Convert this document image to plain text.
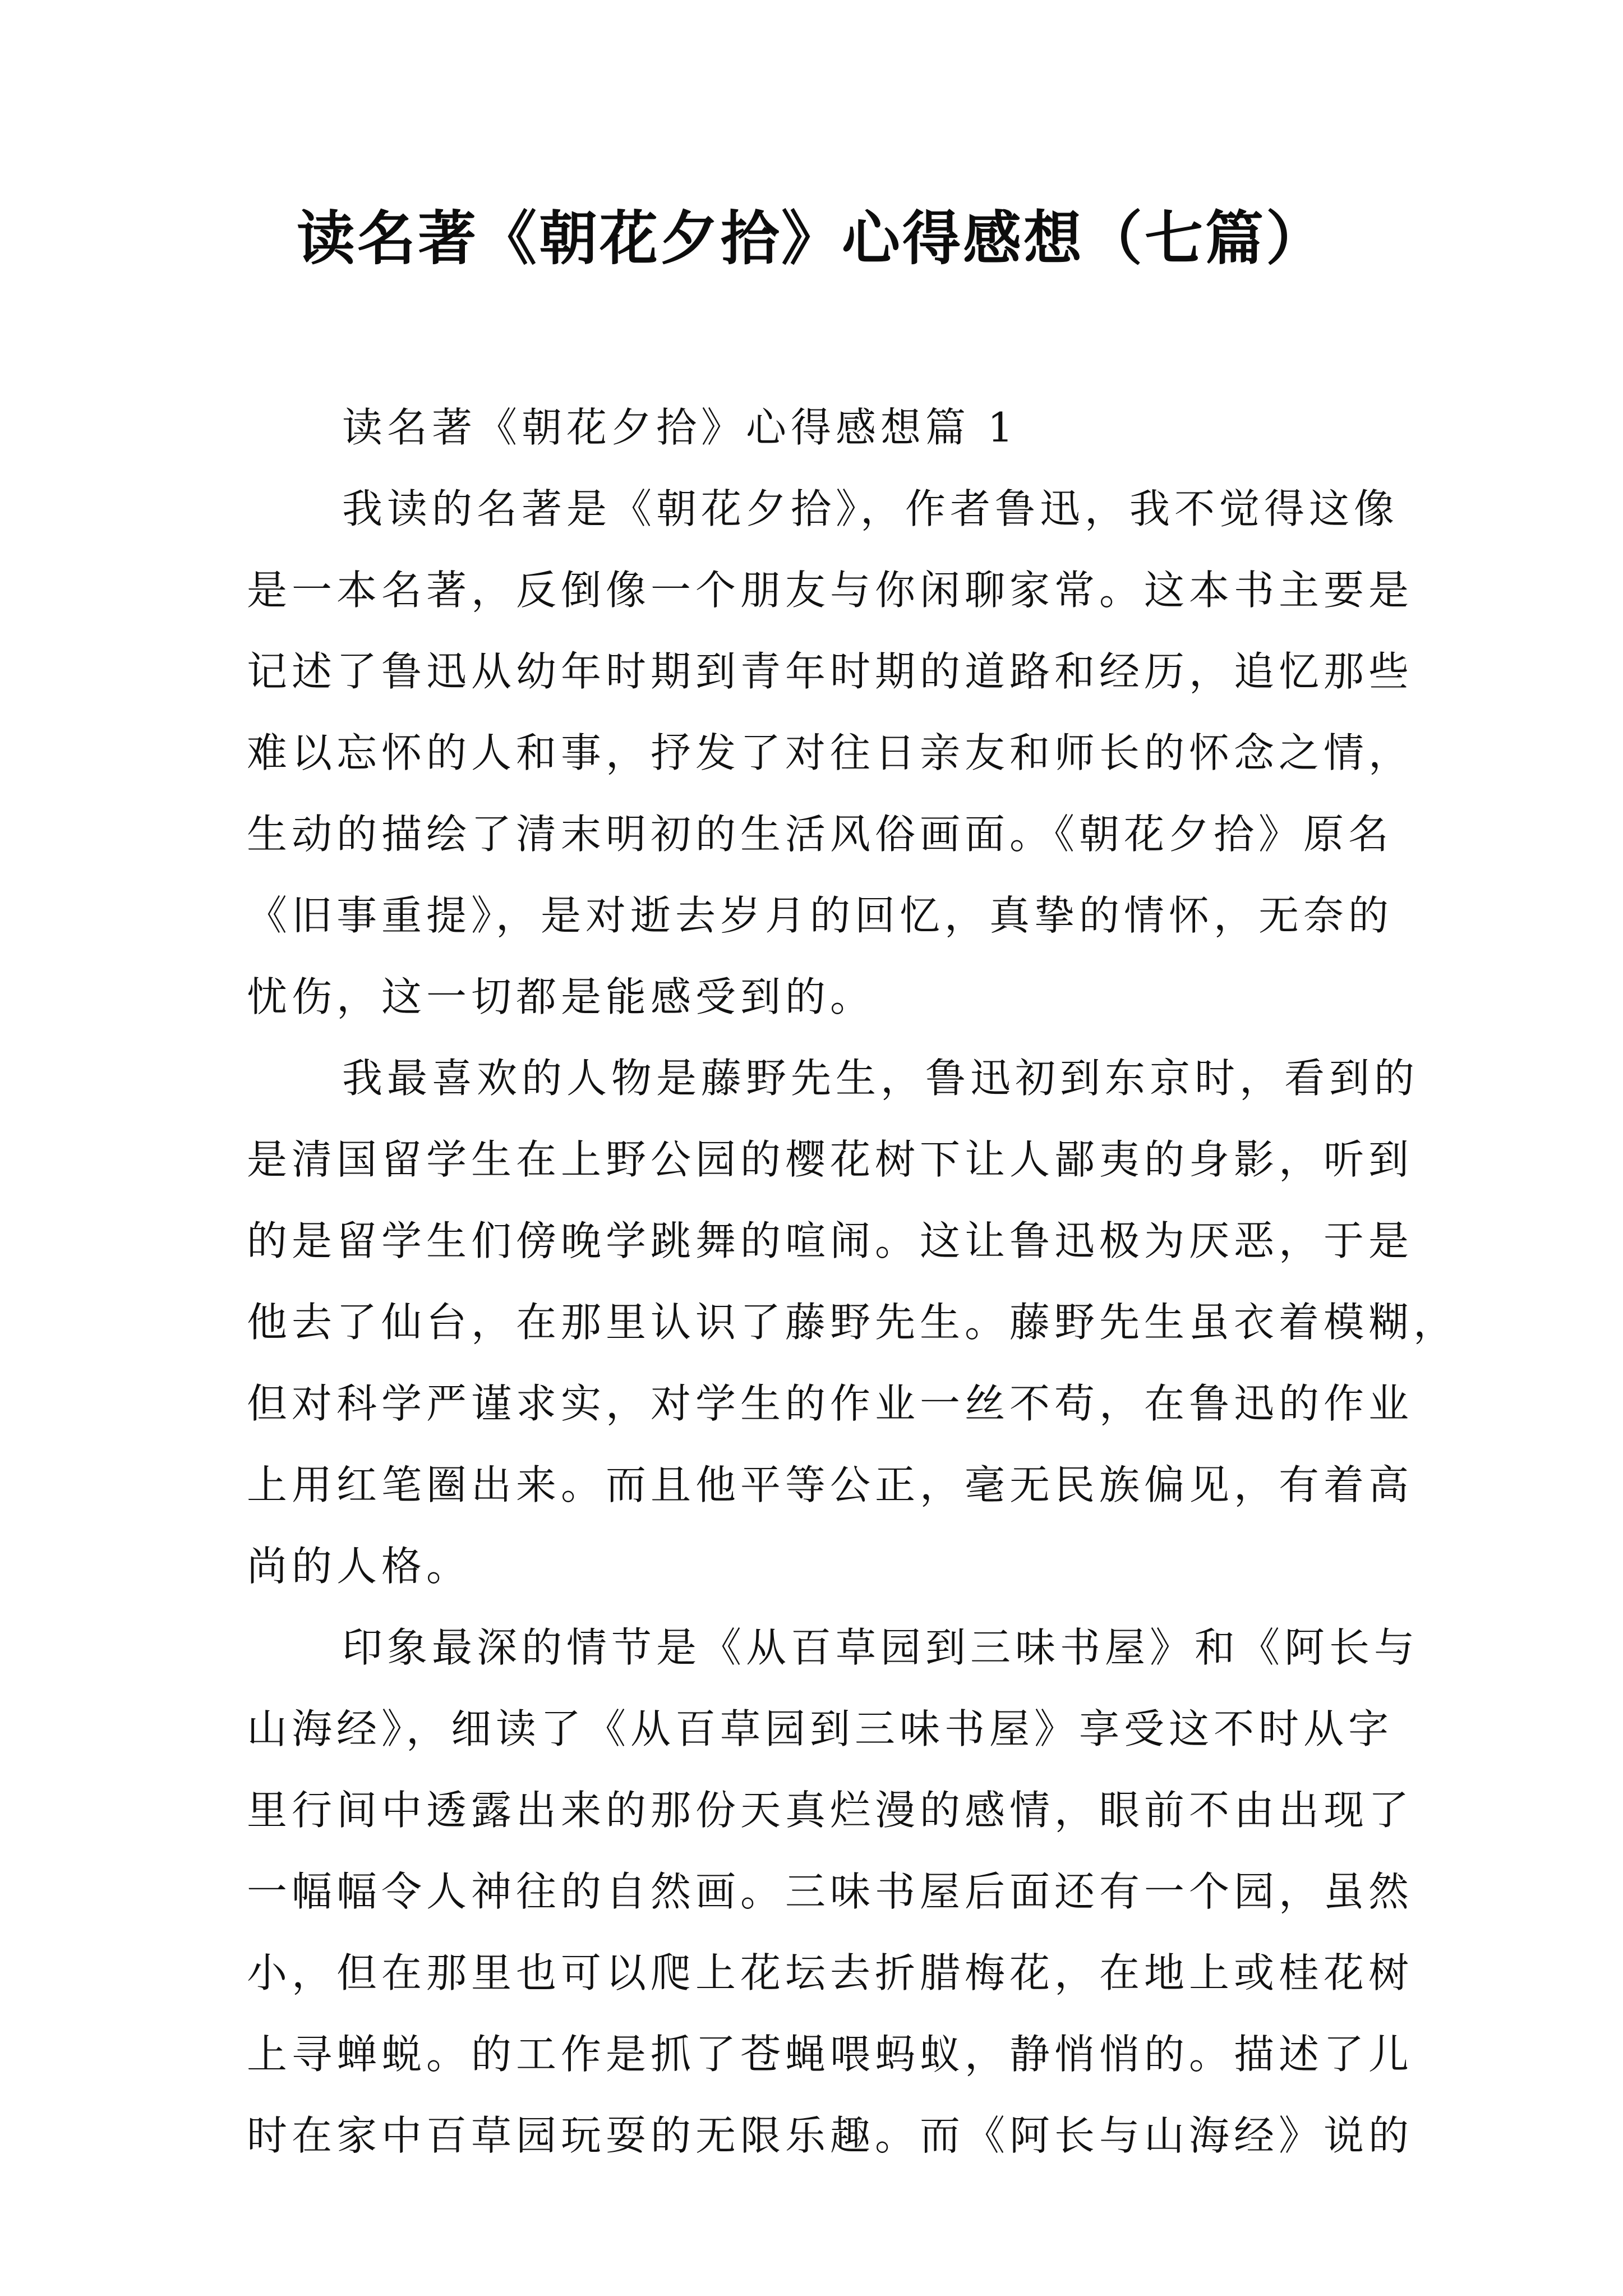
读名著《朝花夕拾》心得感想（七篇）
读名著《朝花夕拾》心得感想篇 1

我读的名著是《朝花夕拾》，作者鲁迅，我不觉得这像
是一本名著，反倒像一个朋友与你闲聊家常。这本书主要是
记述了鲁迅从幼年时期到青年时期的道路和经历，追忆那些
难以忘怀的人和事，抒发了对往日亲友和师长的怀念之情，
生动的描绘了清末明初的生活风俗画面。《朝花夕拾》原名
《旧事重提》，是对逝去岁月的回忆，真挚的情怀，无奈的
忧伤，这一切都是能感受到的。

我最喜欢的人物是藤野先生，鲁迅初到东京时，看到的
是清国留学生在上野公园的樱花树下让人鄙夷的身影，听到
的是留学生们傍晚学跳舞的喧闹。这让鲁迅极为厌恶，于是
他去了仙台，在那里认识了藤野先生。藤野先生虽衣着模糊，
但对科学严谨求实，对学生的作业一丝不苟，在鲁迅的作业
上用红笔圈出来。而且他平等公正，毫无民族偏见，有着高
尚的人格。

印象最深的情节是《从百草园到三味书屋》和《阿长与
山海经》，细读了《从百草园到三味书屋》享受这不时从字
里行间中透露出来的那份天真烂漫的感情，眼前不由出现了
一幅幅令人神往的自然画。三味书屋后面还有一个园，虽然
小，但在那里也可以爬上花坛去折腊梅花，在地上或桂花树
上寻蝉蜕。的工作是抓了苍蝇喂蚂蚁，静悄悄的。描述了儿
时在家中百草园玩耍的无限乐趣。而《阿长与山海经》说的
